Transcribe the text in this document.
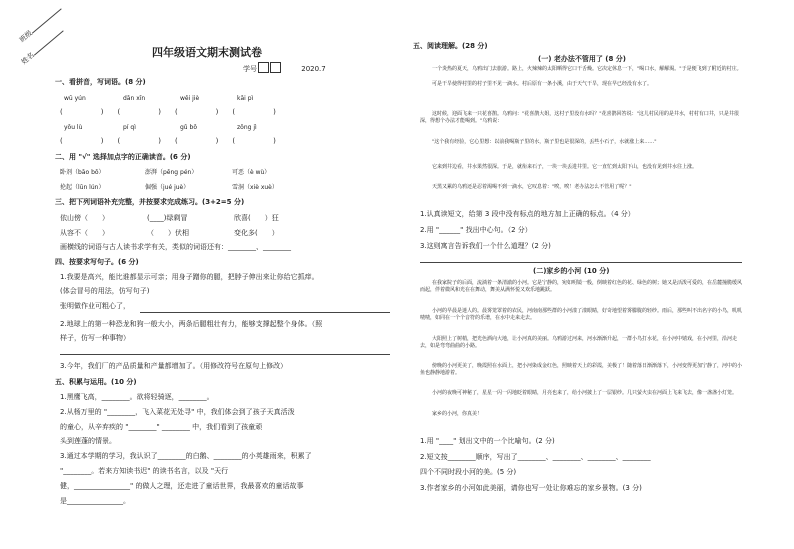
班级
姓名	四年级语文期末测试卷
学号	2020.7
一、看拼音，写词语。(8 分)
wū yún	dān xīn	wěi jiè	kāi pì
(	) (	) (	) (	)
yōu lù	pí qì	gǔ bō	zōng jì
(	) (	) (	) (	)
二、用 "√" 选择加点字的正确读音。(6 分)
卧剂（bāo bō）	澎湃（pēng pén）	可恶（è wù）
抡起（lūn lún）	倔强（jué juè）	雪洞（xiè xuè）
三、把下列词语补充完整，并按要求完成练习。(3+2=5 分)
依山傍（ ）	(____)绿剩冒	欣喜( ）狂
从容不（ ）	（ ）伏相	变化多( ）
画横线的词语与古人读书求学有关，类似的词语还有：________、________
四、按要求写句子。(6 分)
1.我要是高兴，能比谁都显示可亲；用身子蹭你的腿，把脖子伸出来让你给它抓痒。
(体会冒号的用法，仿写句子)
张明做作业可粗心了，
2.地球上的第一种恐龙和狗一般大小，两条后腿粗壮有力，能够支撑起整个身体。（照
样子，仿写一种事物）
3.今年，我们厂的产品质量和产量都增加了。（用修改符号在原句上修改）
五、积累与运用。(10 分)
1.黑鹰飞高，________。欲将轻骑逐，________。
2.从杨万里的 "________，飞入菜花无处寻" 中，我们体会到了孩子天真活泼
的童心，从辛弃疾的 "________" ________ 中，我们看到了孩童顽
头到莲蓬的情景。
3.通过本学期的学习，我认识了________的白鹅、________的小英雄雨来，积累了
"________。若来方知读书迟" 的读书名言，以及 "天行
健，________________" 的做人之理，还走进了童话世界，我最喜欢的童话故事
是________________。
五、阅读理解。(28 分)
(一) 老办法不管用了 (8 分)
一个炎热的夏天，乌鸦出门去旅游。路上，火辣辣的太阳晒得它口干舌燥。它决定休息一下，"喝口水，解解渴。"于是便飞到了附近的村庄。
可是干旱使得村里的村子里不见一滴水。村后原有一条小溪，由于天气干旱，现在早已经没有水了。
这时候，迎面飞来一只花喜鹊。乌鸦问："花喜鹊大姐，这村子里没有水吗？"花喜鹊回答说："这儿村民用的是井水，村村有口井，只是井很深，得想个办法才能喝到。"乌鸦说：
"这个我有经验，它心里想：以前我喝瓶子里的水，瓶子里也是很深的，丢些小石子，水就涨上来……"
它来到井边看，井水果然很深。于是，就衔来石子，一块一块丢进井里。它一直忙到太阳下山，也没有见到井水往上涨。
天黑又累的乌鸦还是忍着渴喝不到一滴水，它叹息着："唉，唉！老办法怎么不管用了呢？"
1.认真读短文，给第 3 段中没有标点的地方加上正确的标点。（4 分）
2.用 "______" 找出中心句。（2 分）
3.这则寓言告诉我们一个什么道理？(2 分)
(二)家乡的小河 (10 分)
在我家院子的后面，流淌着一条清澈的小河。它是宁静的，宛如明镜一般，倒映着红色的花、绿色的树；她又是活泼可爱的，在岳麓撞脆缓风而起，伴着微风和光在在舞动，舞美从满怀悦又欢乐地跳跃。
小河的早晨是迷人的。晨雾笼罩着的农民，河南南那些群的小河漾了漾眼睛，好奇地望着雾朦胧的轻纱。雨后，那些叫不出名字的小鸟，叽叽喳喳，如同在一个个音符的乐谱，在水中走来走去。
大阳照上了树梢，把光色洒向大地，让小河真的美丽。乌鸦游过河来，河水渐渐升起，一群小鸟打水花，在小河中嬉戏，在小河里，沿河走去，如是弯弯曲曲的小路。
傍晚的小河更美了，晚霞照在水面上，把小河染成金红色，照映着天上的彩霞，美极了！随着落日渐渐落下，小河变得更加宁静了，河中的小鱼也静静地游着。
小河的夜晚可神秘了，星星一闪一闪地眨着眼睛，月亮也来了，给小河披上了一层银纱。几只萤火虫在河面上飞来飞去，像一盏盏小灯笼。
家乡的小河，你真美！
1.用 "____" 划出文中的一个比喻句。(2 分)
2.短文按________顺序，写出了________、________、________、________
四个不同时段小河的美。(5 分)
3.作者家乡的小河如此美丽，请你也写一处让你难忘的家乡景物。(3 分)
